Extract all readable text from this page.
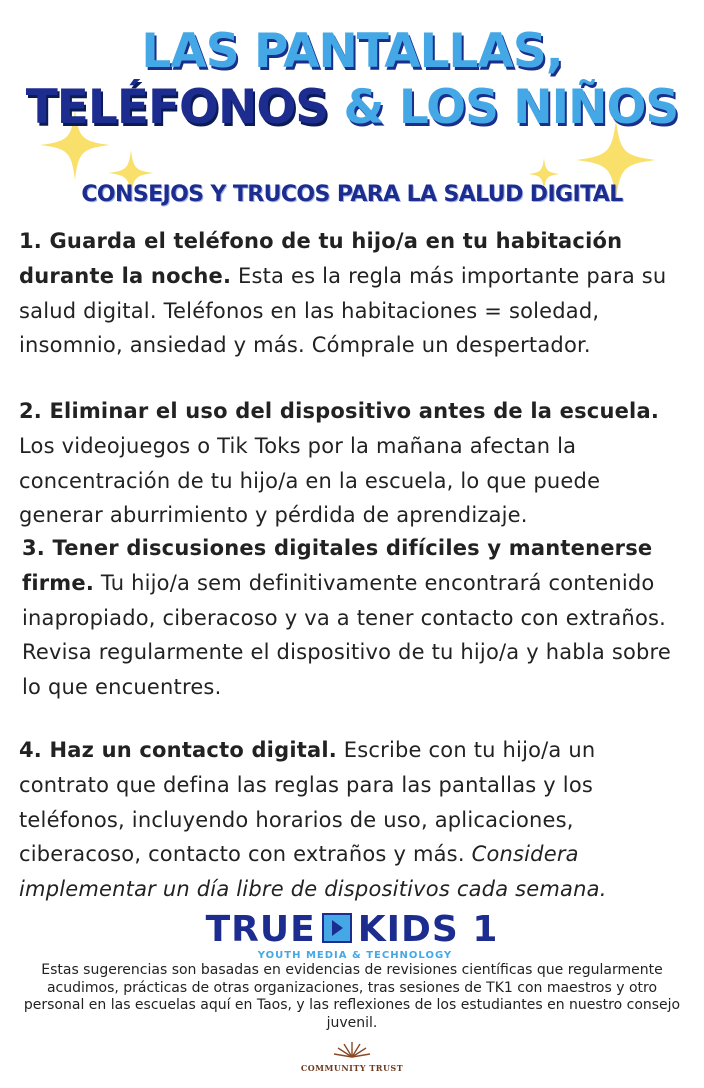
LAS PANTALLAS,
TELÉFONOS & LOS NIÑOS
CONSEJOS Y TRUCOS PARA LA SALUD DIGITAL
1. Guarda el teléfono de tu hijo/a en tu habitación durante la noche. Esta es la regla más importante para su salud digital. Teléfonos en las habitaciones = soledad, insomnio, ansiedad y más. Cómprale un despertador.
2. Eliminar el uso del dispositivo antes de la escuela. Los videojuegos o Tik Toks por la mañana afectan la concentración de tu hijo/a en la escuela, lo que puede generar aburrimiento y pérdida de aprendizaje.
3. Tener discusiones digitales difíciles y mantenerse firme. Tu hijo/a sem definitivamente encontrará contenido inapropiado, ciberacoso y va a tener contacto con extraños. Revisa regularmente el dispositivo de tu hijo/a y habla sobre lo que encuentres.
4. Haz un contacto digital. Escribe con tu hijo/a un contrato que defina las reglas para las pantallas y los teléfonos, incluyendo horarios de uso, aplicaciones, ciberacoso, contacto con extraños y más. Considera implementar un día libre de dispositivos cada semana.
TRUE KIDS 1
YOUTH MEDIA & TECHNOLOGY
Estas sugerencias son basadas en evidencias de revisiones científicas que regularmente acudimos, prácticas de otras organizaciones, tras sesiones de TK1 con maestros y otro personal en las escuelas aquí en Taos, y las reflexiones de los estudiantes en nuestro consejo juvenil.
COMMUNITY TRUST
